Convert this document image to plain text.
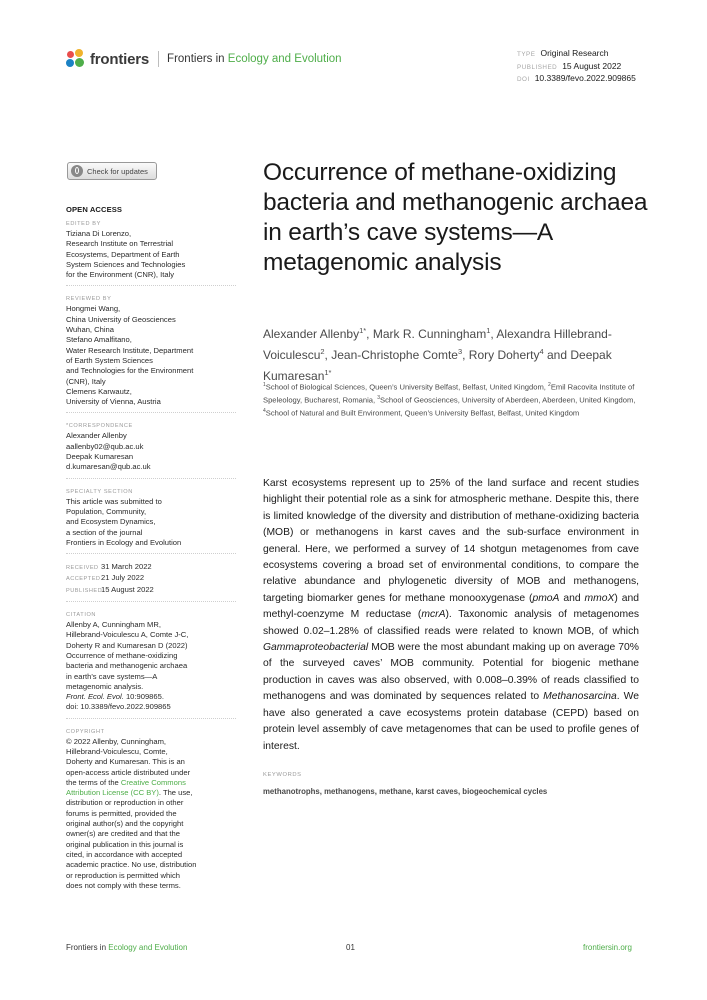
frontiers Frontiers in Ecology and Evolution	TYPE Original Research
PUBLISHED 15 August 2022
DOI 10.3389/fevo.2022.909865
Check for updates
OPEN ACCESS
EDITED BY
Tiziana Di Lorenzo,
Research Institute on Terrestrial
Ecosystems, Department of Earth
System Sciences and Technologies
for the Environment (CNR), Italy
REVIEWED BY
Hongmei Wang,
China University of Geosciences
Wuhan, China
Stefano Amalfitano,
Water Research Institute, Department
of Earth System Sciences
and Technologies for the Environment
(CNR), Italy
Clemens Karwautz,
University of Vienna, Austria
*CORRESPONDENCE
Alexander Allenby
aallenby02@qub.ac.uk
Deepak Kumaresan
d.kumaresan@qub.ac.uk
SPECIALTY SECTION
This article was submitted to
Population, Community,
and Ecosystem Dynamics,
a section of the journal
Frontiers in Ecology and Evolution
RECEIVED 31 March 2022
ACCEPTED 21 July 2022
PUBLISHED
15 August 2022
CITATION
Allenby A, Cunningham MR,
Hillebrand-Voiculescu A, Comte J-C,
Doherty R and Kumaresan D (2022)
Occurrence of methane-oxidizing
bacteria and methanogenic archaea
in earth's cave systems—A
metagenomic analysis.
Front. Ecol. Evol. 10:909865.
doi: 10.3389/fevo.2022.909865
COPYRIGHT
© 2022 Allenby, Cunningham,
Hillebrand-Voiculescu, Comte,
Doherty and Kumaresan. This is an
open-access article distributed under
the terms of the Creative Commons
Attribution License (CC BY). The use,
distribution or reproduction in other
forums is permitted, provided the
original author(s) and the copyright
owner(s) are credited and that the
original publication in this journal is
cited, in accordance with accepted
academic practice. No use, distribution
or reproduction is permitted which
does not comply with these terms.
Occurrence of methane-oxidizing bacteria and methanogenic archaea in earth’s cave systems—A metagenomic analysis
Alexander Allenby$^{1*}$, Mark R. Cunningham$^1$, Alexandra Hillebrand-Voiculescu$^2$, Jean-Christophe Comte$^3$, Rory Doherty$^4$ and Deepak Kumaresan$^{1*}$
$^1$School of Biological Sciences, Queen’s University Belfast, Belfast, United Kingdom, $^2$Emil Racovita Institute of Speleology, Bucharest, Romania, $^3$School of Geosciences, University of Aberdeen, Aberdeen, United Kingdom, $^4$School of Natural and Built Environment, Queen’s University Belfast, Belfast, United Kingdom
Karst ecosystems represent up to 25% of the land surface and recent studies highlight their potential role as a sink for atmospheric methane. Despite this, there is limited knowledge of the diversity and distribution of methane-oxidizing bacteria (MOB) or methanogens in karst caves and the sub-surface environment in general. Here, we performed a survey of 14 shotgun metagenomes from cave ecosystems covering a broad set of environmental conditions, to compare the relative abundance and phylogenetic diversity of MOB and methanogens, targeting biomarker genes for methane monooxygenase (pmoA and mmoX) and methyl-coenzyme M reductase (mcrA). Taxonomic analysis of metagenomes showed 0.02–1.28% of classified reads were related to known MOB, of which Gammaproteobacterial MOB were the most abundant making up on average 70% of the surveyed caves’ MOB community. Potential for biogenic methane production in caves was also observed, with 0.008–0.39% of reads classified to methanogens and was dominated by sequences related to Methanosarcina. We have also generated a cave ecosystems protein database (CEPD) based on protein level assembly of cave metagenomes that can be used to profile genes of interest.
KEYWORDS
methanotrophs, methanogens, methane, karst caves, biogeochemical cycles
Frontiers in Ecology and Evolution	01	frontiersin.org
